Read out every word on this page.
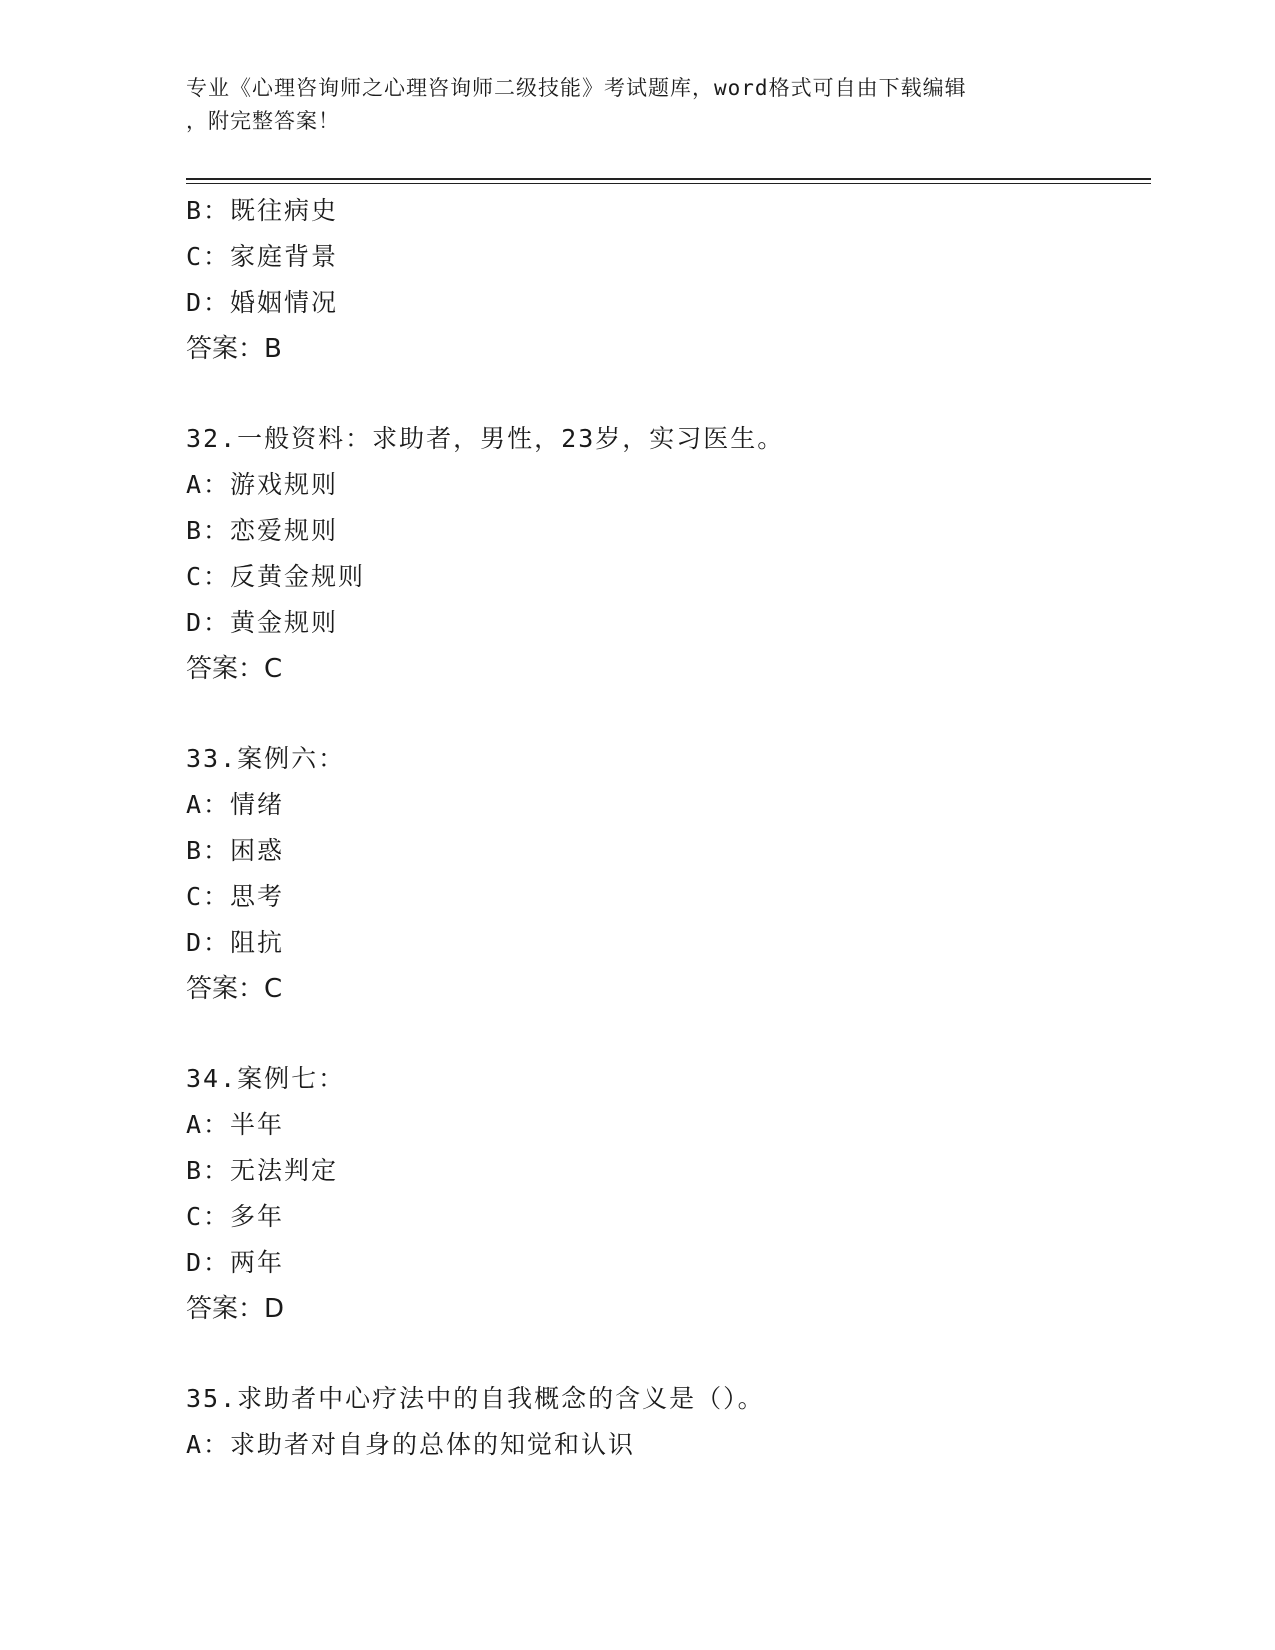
专业《心理咨询师之心理咨询师二级技能》考试题库，word格式可自由下载编辑
，附完整答案！
B：既往病史
C：家庭背景
D：婚姻情况
答案：B
32.一般资料：求助者，男性，23岁，实习医生。
A：游戏规则
B：恋爱规则
C：反黄金规则
D：黄金规则
答案：C
33.案例六：
A：情绪
B：困惑
C：思考
D：阻抗
答案：C
34.案例七：
A：半年
B：无法判定
C：多年
D：两年
答案：D
35.求助者中心疗法中的自我概念的含义是（）。
A：求助者对自身的总体的知觉和认识
